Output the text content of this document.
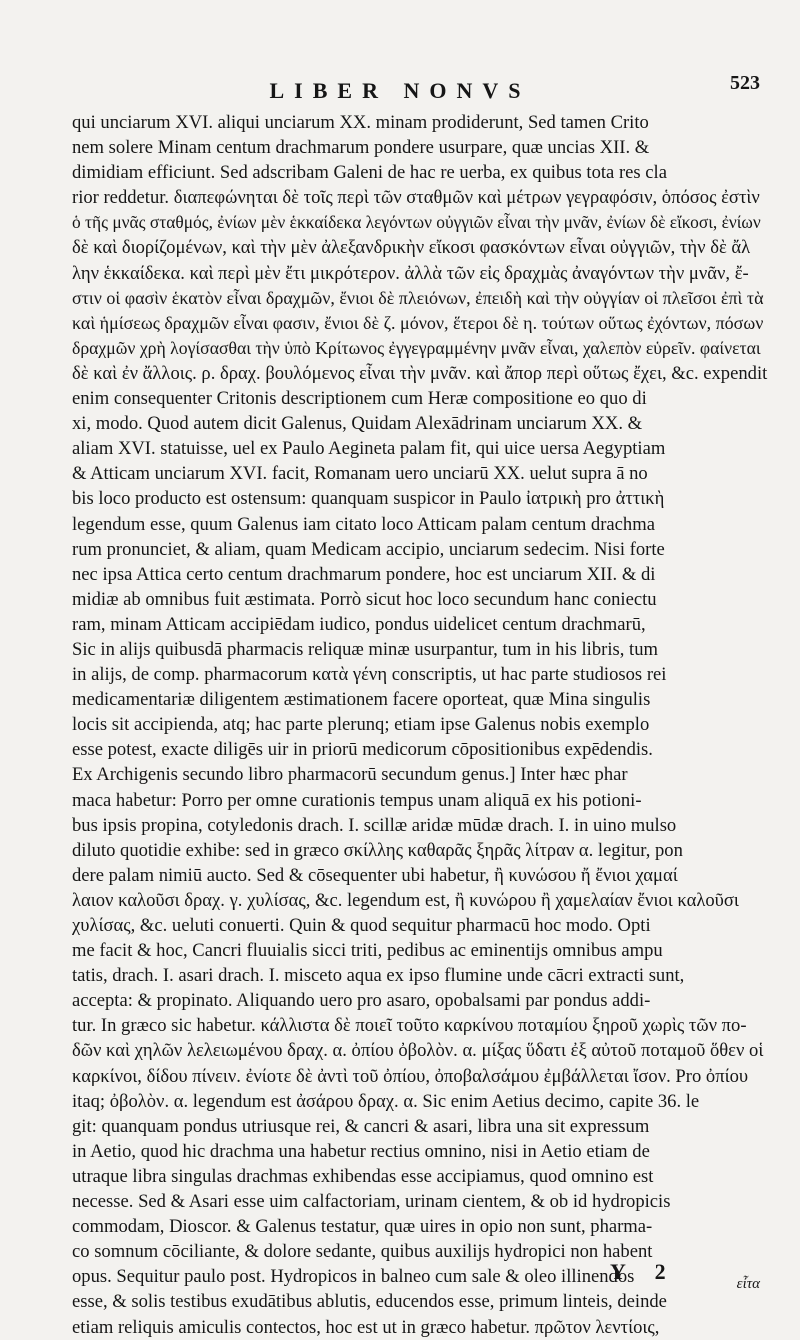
LIBER NONVS	523
qui unciarum XVI. aliqui unciarum XX. minam prodiderunt, Sed tamen Crito
nem solere Minam centum drachmarum pondere usurpare, quæ uncias XII. &
dimidiam efficiunt. Sed adscribam Galeni de hac re uerba, ex quibus tota res cla
rior reddetur. διαπεφώνηται δὲ τοῖς περὶ τῶν σταθμῶν καὶ μέτρων γεγραφόσιν, ὁπόσος ἐστὶν
ὁ τῆς μνᾶς σταθμός, ἐνίων μὲν ἑκκαίδεκα λεγόντων οὐγγιῶν εἶναι τὴν μνᾶν, ἐνίων δὲ εἴκοσι, ἐνίων
δὲ καὶ διορίζομένων, καὶ τὴν μὲν ἀλεξανδρικὴν εἴκοσι φασκόντων εἶναι οὐγγιῶν, τὴν δὲ ἄλ
λην ἑκκαίδεκα. καὶ περὶ μὲν ἔτι μικρότερον. ἀλλὰ τῶν εἰς δραχμὰς ἀναγόντων τὴν μνᾶν, ἔ-
στιν οἱ φασὶν ἑκατὸν εἶναι δραχμῶν, ἔνιοι δὲ πλειόνων, ἐπειδὴ καὶ τὴν οὐγγίαν οἱ πλεῖσοι ἐπὶ τὰ
καὶ ἡμίσεως δραχμῶν εἶναι φασιν, ἔνιοι δὲ ζ. μόνον, ἕτεροι δὲ η. τούτων οὕτως ἐχόντων, πόσων
δραχμῶν χρὴ λογίσασθαι τὴν ὑπὸ Κρίτωνος ἐγγεγραμμένην μνᾶν εἶναι, χαλεπὸν εὑρεῖν. φαίνεται
δὲ καὶ ἐν ἄλλοις. ρ. δραχ. βουλόμενος εἶναι τὴν μνᾶν. καὶ ἄπορ περὶ οὕτως ἔχει, &c. expendit
enim consequenter Critonis descriptionem cum Heræ compositione eo quo di
xi, modo. Quod autem dicit Galenus, Quidam Alexādrinam unciarum XX. &
aliam XVI. statuisse, uel ex Paulo Aegineta palam fit, qui uice uersa Aegyptiam
& Atticam unciarum XVI. facit, Romanam uero unciarū XX. uelut supra ā no
bis loco producto est ostensum: quanquam suspicor in Paulo ἰατρικὴ pro ἀττικὴ
legendum esse, quum Galenus iam citato loco Atticam palam centum drachma
rum pronunciet, & aliam, quam Medicam accipio, unciarum sedecim. Nisi forte
nec ipsa Attica certo centum drachmarum pondere, hoc est unciarum XII. & di
midiæ ab omnibus fuit æstimata. Porrò sicut hoc loco secundum hanc coniectu
ram, minam Atticam accipiēdam iudico, pondus uidelicet centum drachmarū,
Sic in alijs quibusdā pharmacis reliquæ minæ usurpantur, tum in his libris, tum
in alijs, de comp. pharmacorum κατὰ γένη conscriptis, ut hac parte studiosos rei
medicamentariæ diligentem æstimationem facere oporteat, quæ Mina singulis
locis sit accipienda, atq; hac parte plerunq; etiam ipse Galenus nobis exemplo
esse potest, exacte diligēs uir in priorū medicorum cōpositionibus expēdendis.
Ex Archigenis secundo libro pharmacorū secundum genus.] Inter hæc phar
maca habetur: Porro per omne curationis tempus unam aliquā ex his potioni-
bus ipsis propina, cotyledonis drach. I. scillæ aridæ mūdæ drach. I. in uino mulso
diluto quotidie exhibe: sed in græco σκίλλης καθαρᾶς ξηρᾶς λίτραν α. legitur, pon
dere palam nimiū aucto. Sed & cōsequenter ubi habetur, ἢ κυνώσου ἤ ἔνιοι χαμαί
λαιον καλοῦσι δραχ. γ. χυλίσας, &c. legendum est, ἢ κυνώρου ἢ χαμελαίαν ἔνιοι καλοῦσι
χυλίσας, &c. ueluti conuerti. Quin & quod sequitur pharmacū hoc modo. Opti
me facit & hoc, Cancri fluuialis sicci triti, pedibus ac eminentijs omnibus ampu
tatis, drach. I. asari drach. I. misceto aqua ex ipso flumine unde cācri extracti sunt,
accepta: & propinato. Aliquando uero pro asaro, opobalsami par pondus addi-
tur. In græco sic habetur. κάλλιστα δὲ ποιεῖ τοῦτο καρκίνου ποταμίου ξηροῦ χωρὶς τῶν πο-
δῶν καὶ χηλῶν λελειωμένου δραχ. α. ὀπίου ὀβολὸν. α. μίξας ὕδατι ἐξ αὐτοῦ ποταμοῦ ὅθεν οἱ
καρκίνοι, δίδου πίνειν. ἐνίοτε δὲ ἀντὶ τοῦ ὀπίου, ὀποβαλσάμου ἐμβάλλεται ἴσον. Pro ὀπίου
itaq; ὀβολὸν. α. legendum est ἀσάρου δραχ. α. Sic enim Aetius decimo, capite 36. le
git: quanquam pondus utriusque rei, & cancri & asari, libra una sit expressum
in Aetio, quod hic drachma una habetur rectius omnino, nisi in Aetio etiam de
utraque libra singulas drachmas exhibendas esse accipiamus, quod omnino est
necesse. Sed & Asari esse uim calfactoriam, urinam cientem, & ob id hydropicis
commodam, Dioscor. & Galenus testatur, quæ uires in opio non sunt, pharma-
co somnum cōciliante, & dolore sedante, quibus auxilijs hydropici non habent
opus. Sequitur paulo post. Hydropicos in balneo cum sale & oleo illinendos
esse, & solis testibus exudātibus ablutis, educendos esse, primum linteis, deinde
etiam reliquis amiculis contectos, hoc est ut in græco habetur. πρῶτον λεντίοις,
Y 2	εἶτα
